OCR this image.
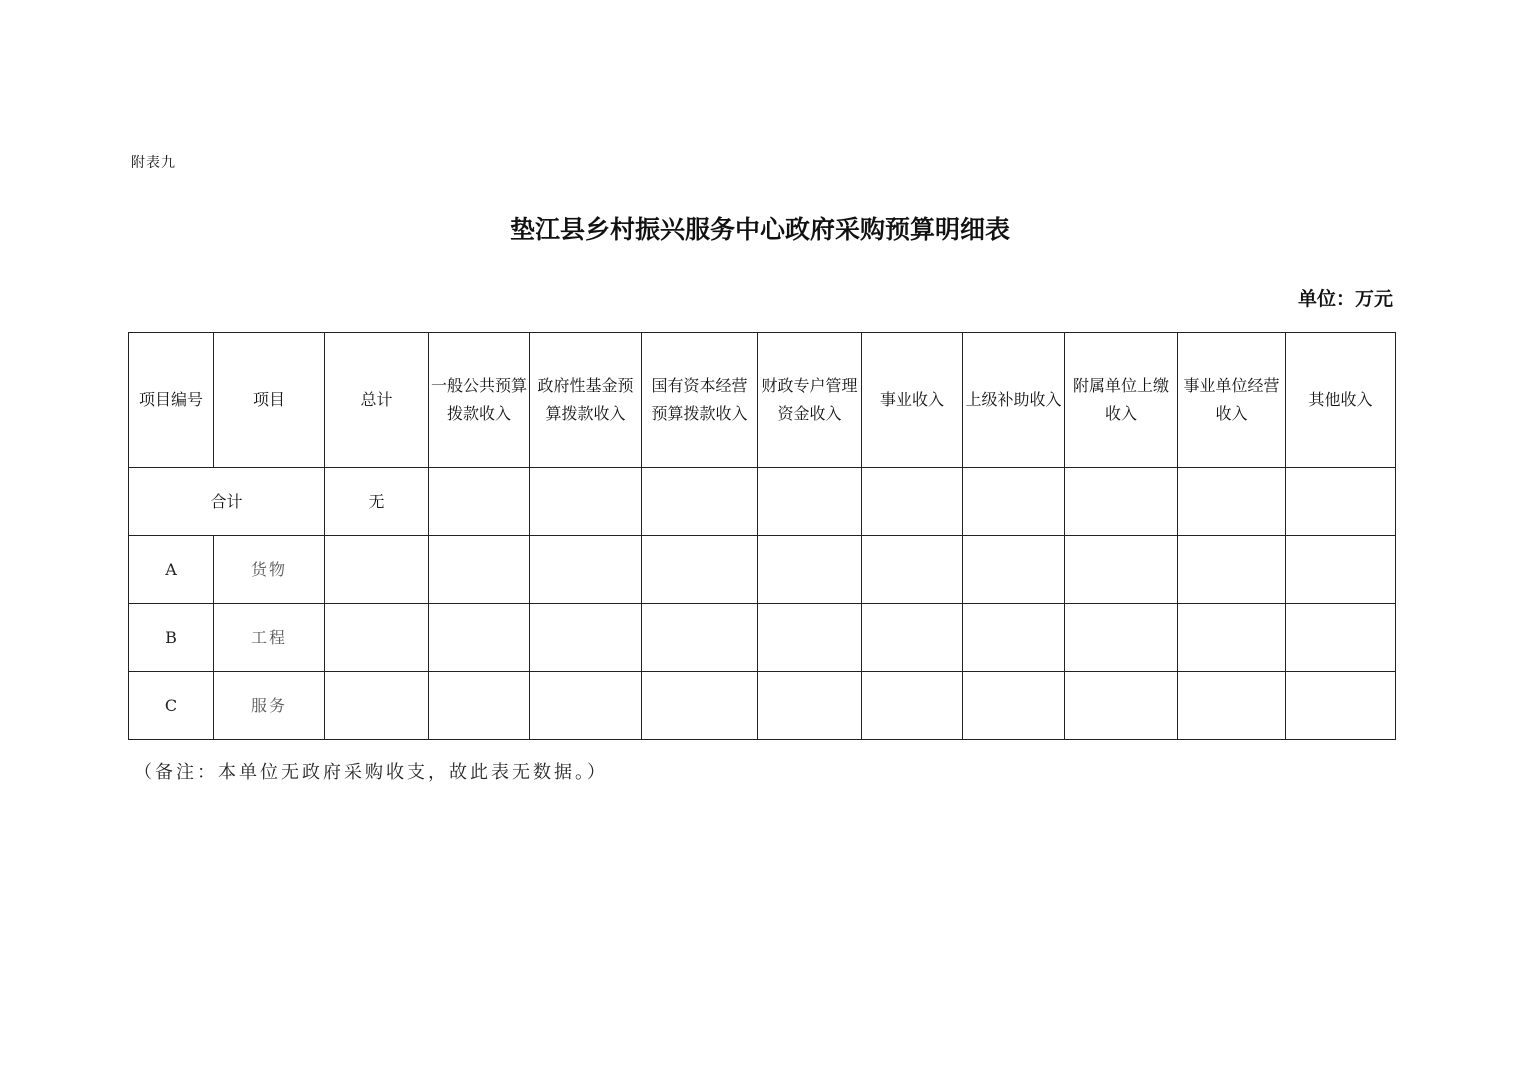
附表九
垫江县乡村振兴服务中心政府采购预算明细表
单位：万元
项目编号	项目	总计	一般公共预算拨款收入	政府性基金预算拨款收入	国有资本经营预算拨款收入	财政专户管理资金收入	事业收入	上级补助收入	附属单位上缴收入	事业单位经营收入	其他收入
合计		无									
A	货物										
B	工程										
C	服务										
（备注：本单位无政府采购收支，故此表无数据。）
